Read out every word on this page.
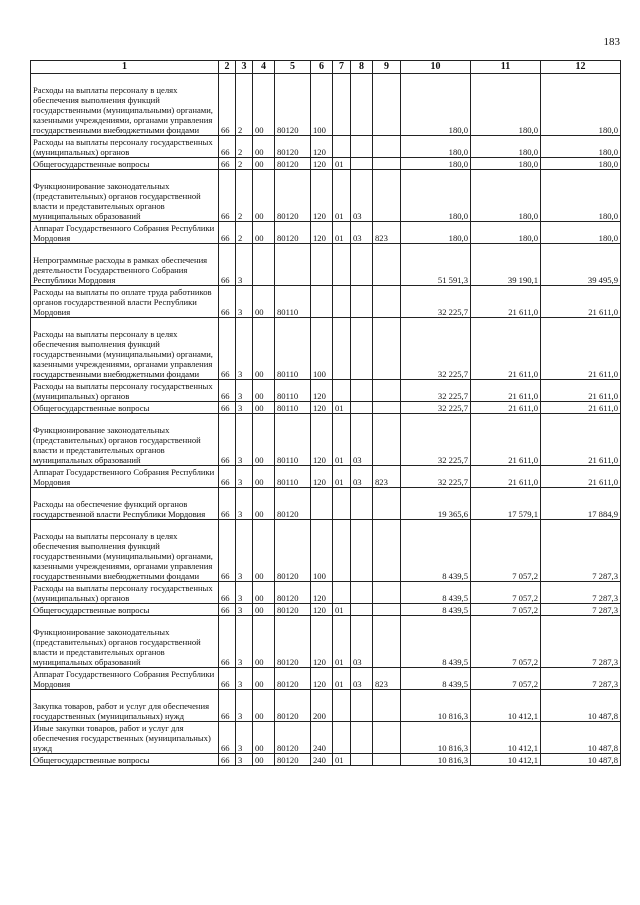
183
1	2	3	4	5	6	7	8	9	10	11	12
Расходы на выплаты персоналу в целях обеспечения выполнения функций государственными (муниципальными) органами, казенными учреждениями, органами управления государственными внебюджетными фондами	66	2	00	80120	100				180,0	180,0	180,0
Расходы на выплаты персоналу государственных (муниципальных) органов	66	2	00	80120	120				180,0	180,0	180,0
Общегосударственные вопросы	66	2	00	80120	120	01			180,0	180,0	180,0
Функционирование законодательных (представительных) органов государственной власти и представительных органов муниципальных образований	66	2	00	80120	120	01	03		180,0	180,0	180,0
Аппарат Государственного Собрания Республики Мордовия	66	2	00	80120	120	01	03	823	180,0	180,0	180,0
Непрограммные расходы в рамках обеспечения деятельности Государственного Собрания Республики Мордовия	66	3							51 591,3	39 190,1	39 495,9
Расходы на выплаты по оплате труда работников органов государственной власти Республики Мордовия	66	3	00	80110					32 225,7	21 611,0	21 611,0
Расходы на выплаты персоналу в целях обеспечения выполнения функций государственными (муниципальными) органами, казенными учреждениями, органами управления государственными внебюджетными фондами	66	3	00	80110	100				32 225,7	21 611,0	21 611,0
Расходы на выплаты персоналу государственных (муниципальных) органов	66	3	00	80110	120				32 225,7	21 611,0	21 611,0
Общегосударственные вопросы	66	3	00	80110	120	01			32 225,7	21 611,0	21 611,0
Функционирование законодательных (представительных) органов государственной власти и представительных органов муниципальных образований	66	3	00	80110	120	01	03		32 225,7	21 611,0	21 611,0
Аппарат Государственного Собрания Республики Мордовия	66	3	00	80110	120	01	03	823	32 225,7	21 611,0	21 611,0
Расходы на обеспечение функций органов государственной власти Республики Мордовия	66	3	00	80120					19 365,6	17 579,1	17 884,9
Расходы на выплаты персоналу в целях обеспечения выполнения функций государственными (муниципальными) органами, казенными учреждениями, органами управления государственными внебюджетными фондами	66	3	00	80120	100				8 439,5	7 057,2	7 287,3
Расходы на выплаты персоналу государственных (муниципальных) органов	66	3	00	80120	120				8 439,5	7 057,2	7 287,3
Общегосударственные вопросы	66	3	00	80120	120	01			8 439,5	7 057,2	7 287,3
Функционирование законодательных (представительных) органов государственной власти и представительных органов муниципальных образований	66	3	00	80120	120	01	03		8 439,5	7 057,2	7 287,3
Аппарат Государственного Собрания Республики Мордовия	66	3	00	80120	120	01	03	823	8 439,5	7 057,2	7 287,3
Закупка товаров, работ и услуг для обеспечения государственных (муниципальных) нужд	66	3	00	80120	200				10 816,3	10 412,1	10 487,8
Иные закупки товаров, работ и услуг для обеспечения государственных (муниципальных) нужд	66	3	00	80120	240				10 816,3	10 412,1	10 487,8
Общегосударственные вопросы	66	3	00	80120	240	01			10 816,3	10 412,1	10 487,8
